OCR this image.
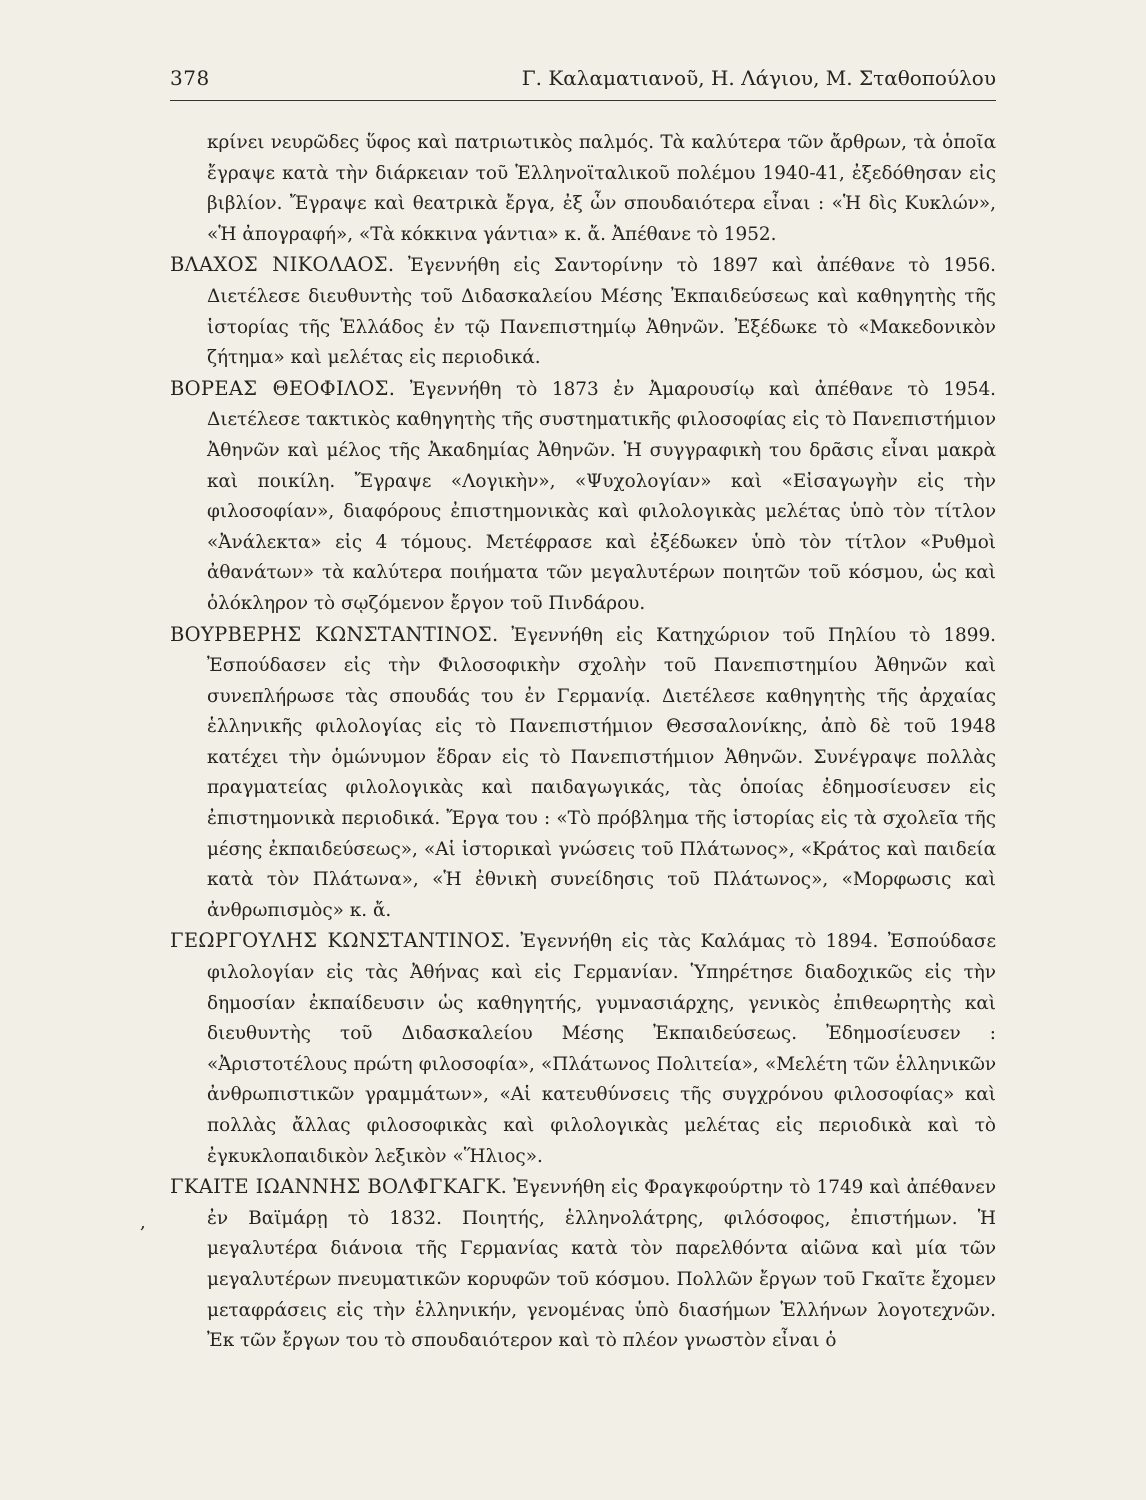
378	Γ. Καλαματιανοῦ, Η. Λάγιου, Μ. Σταθοπούλου
,

κρίνει νευρῶδες ὕφος καὶ πατριωτικὸς παλμός. Τὰ καλύτερα τῶν ἄρθρων, τὰ ὁποῖα ἔγραψε κατὰ τὴν διάρκειαν τοῦ Ἑλληνοϊταλικοῦ πολέμου 1940-41, ἐξεδόθησαν εἰς βιβλίον. Ἔγραψε καὶ θεατρικὰ ἔργα, ἐξ ὧν σπουδαιότερα εἶναι : «Ἡ δὶς Κυκλών», «Ἡ ἀπογραφή», «Τὰ κόκκινα γάντια» κ. ἄ. Ἀπέθανε τὸ 1952.

ΒΛΑΧΟΣ ΝΙΚΟΛΑΟΣ. Ἐγεννήθη εἰς Σαντορίνην τὸ 1897 καὶ ἀπέθανε τὸ 1956. Διετέλεσε διευθυντὴς τοῦ Διδασκαλείου Μέσης Ἐκπαιδεύσεως καὶ καθηγητὴς τῆς ἱστορίας τῆς Ἑλλάδος ἐν τῷ Πανεπιστημίῳ Ἀθηνῶν. Ἐξέδωκε τὸ «Μακεδονικὸν ζήτημα» καὶ μελέτας εἰς περιοδικά.

ΒΟΡΕΑΣ ΘΕΟΦΙΛΟΣ. Ἐγεννήθη τὸ 1873 ἐν Ἀμαρουσίῳ καὶ ἀπέθανε τὸ 1954. Διετέλεσε τακτικὸς καθηγητὴς τῆς συστηματικῆς φιλοσοφίας εἰς τὸ Πανεπιστήμιον Ἀθηνῶν καὶ μέλος τῆς Ἀκαδημίας Ἀθηνῶν. Ἡ συγγραφικὴ του δρᾶσις εἶναι μακρὰ καὶ ποικίλη. Ἔγραψε «Λογικὴν», «Ψυχολογίαν» καὶ «Εἰσαγωγὴν εἰς τὴν φιλοσοφίαν», διαφόρους ἐπιστημονικὰς καὶ φιλολογικὰς μελέτας ὑπὸ τὸν τίτλον «Ἀνάλεκτα» εἰς 4 τόμους. Μετέφρασε καὶ ἐξέδωκεν ὑπὸ τὸν τίτλον «Ρυθμοὶ ἀθανάτων» τὰ καλύτερα ποιήματα τῶν μεγαλυτέρων ποιητῶν τοῦ κόσμου, ὡς καὶ ὁλόκληρον τὸ σῳζόμενον ἔργον τοῦ Πινδάρου.

ΒΟΥΡΒΕΡΗΣ ΚΩΝΣΤΑΝΤΙΝΟΣ. Ἐγεννήθη εἰς Κατηχώριον τοῦ Πηλίου τὸ 1899. Ἐσπούδασεν εἰς τὴν Φιλοσοφικὴν σχολὴν τοῦ Πανεπιστημίου Ἀθηνῶν καὶ συνεπλήρωσε τὰς σπουδάς του ἐν Γερμανίᾳ. Διετέλεσε καθηγητὴς τῆς ἀρχαίας ἑλληνικῆς φιλολογίας εἰς τὸ Πανεπιστήμιον Θεσσαλονίκης, ἀπὸ δὲ τοῦ 1948 κατέχει τὴν ὁμώνυμον ἕδραν εἰς τὸ Πανεπιστήμιον Ἀθηνῶν. Συνέγραψε πολλὰς πραγματείας φιλολογικὰς καὶ παιδαγωγικάς, τὰς ὁποίας ἐδημοσίευσεν εἰς ἐπιστημονικὰ περιοδικά. Ἔργα του : «Τὸ πρόβλημα τῆς ἱστορίας εἰς τὰ σχολεῖα τῆς μέσης ἐκπαιδεύσεως», «Αἱ ἱστορικαὶ γνώσεις τοῦ Πλάτωνος», «Κράτος καὶ παιδεία κατὰ τὸν Πλάτωνα», «Ἡ ἐθνικὴ συνείδησις τοῦ Πλάτωνος», «Μορφωσις καὶ ἀνθρωπισμὸς» κ. ἄ.

ΓΕΩΡΓΟΥΛΗΣ ΚΩΝΣΤΑΝΤΙΝΟΣ. Ἐγεννήθη εἰς τὰς Καλάμας τὸ 1894. Ἐσπούδασε φιλολογίαν εἰς τὰς Ἀθήνας καὶ εἰς Γερμανίαν. Ὑπηρέτησε διαδοχικῶς εἰς τὴν δημοσίαν ἐκπαίδευσιν ὡς καθηγητής, γυμνασιάρχης, γενικὸς ἐπιθεωρητὴς καὶ διευθυντὴς τοῦ Διδασκαλείου Μέσης Ἐκπαιδεύσεως. Ἐδημοσίευσεν : «Ἀριστοτέλους πρώτη φιλοσοφία», «Πλάτωνος Πολιτεία», «Μελέτη τῶν ἑλληνικῶν ἀνθρωπιστικῶν γραμμάτων», «Αἱ κατευθύνσεις τῆς συγχρόνου φιλοσοφίας» καὶ πολλὰς ἄλλας φιλοσοφικὰς καὶ φιλολογικὰς μελέτας εἰς περιοδικὰ καὶ τὸ ἐγκυκλοπαιδικὸν λεξικὸν «Ἥλιος».

ΓΚΑΙΤΕ ΙΩΑΝΝΗΣ ΒΟΛΦΓΚΑΓΚ. Ἐγεννήθη εἰς Φραγκφούρτην τὸ 1749 καὶ ἀπέθανεν ἐν Βαϊμάρῃ τὸ 1832. Ποιητής, ἑλληνολάτρης, φιλόσοφος, ἐπιστήμων. Ἡ μεγαλυτέρα διάνοια τῆς Γερμανίας κατὰ τὸν παρελθόντα αἰῶνα καὶ μία τῶν μεγαλυτέρων πνευματικῶν κορυφῶν τοῦ κόσμου. Πολλῶν ἔργων τοῦ Γκαῖτε ἔχομεν μεταφράσεις εἰς τὴν ἑλληνικήν, γενομένας ὑπὸ διασήμων Ἑλλήνων λογοτεχνῶν. Ἐκ τῶν ἔργων του τὸ σπουδαιότερον καὶ τὸ πλέον γνωστὸν εἶναι ὁ
